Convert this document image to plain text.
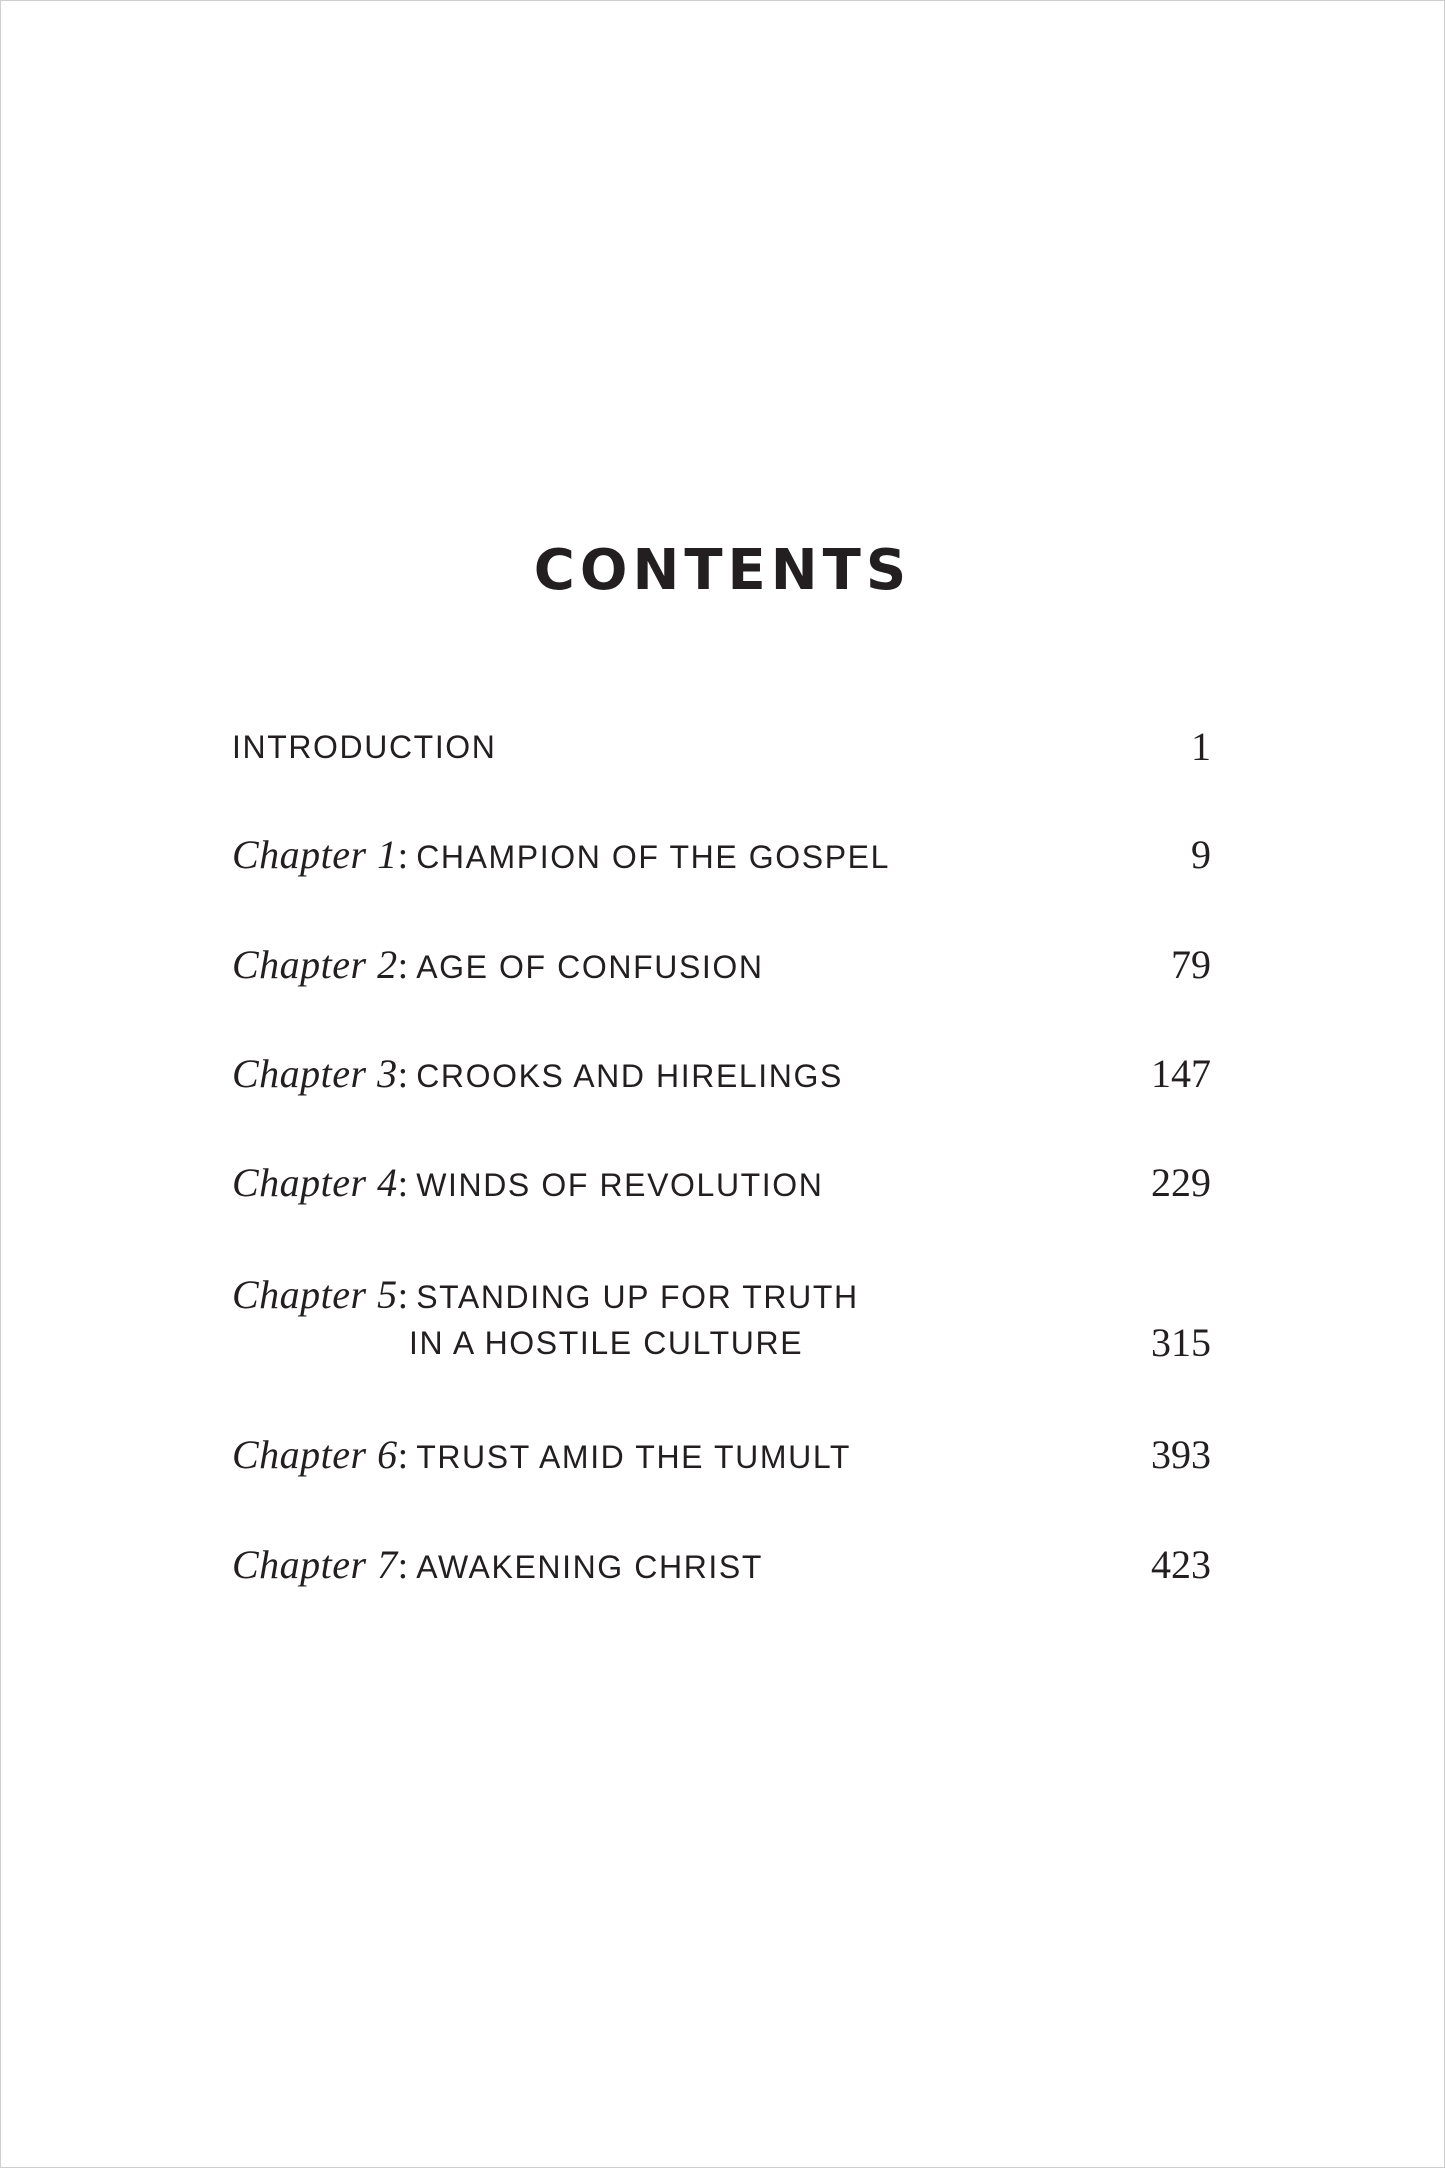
CONTENTS
INTRODUCTION	1
Chapter 1: CHAMPION OF THE GOSPEL	9
Chapter 2: AGE OF CONFUSION	79
Chapter 3: CROOKS AND HIRELINGS	147
Chapter 4: WINDS OF REVOLUTION	229
Chapter 5: STANDING UP FOR TRUTH
IN A HOSTILE CULTURE	315
Chapter 6: TRUST AMID THE TUMULT	393
Chapter 7: AWAKENING CHRIST	423
